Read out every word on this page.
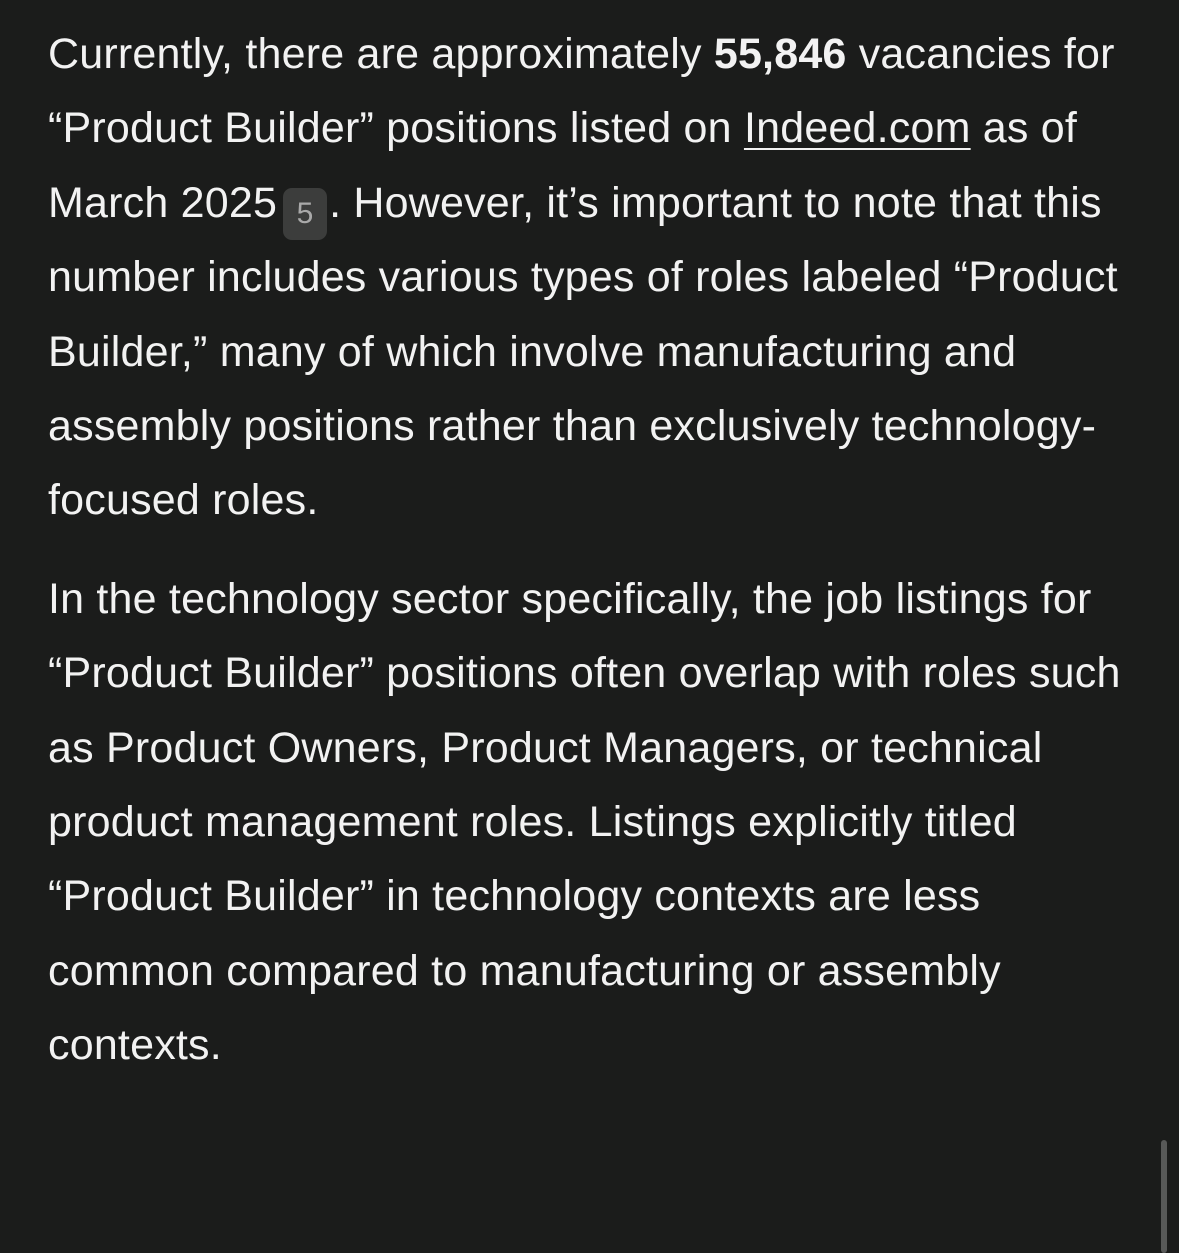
Currently, there are approximately 55,846 vacancies for “Product Builder” positions listed on Indeed.com as of March 2025 5 . However, it’s important to note that this number includes various types of roles labeled “Product Builder,” many of which involve manufacturing and assembly positions rather than exclusively technology-focused roles.

In the technology sector specifically, the job listings for “Product Builder” positions often overlap with roles such as Product Owners, Product Managers, or technical product management roles. Listings explicitly titled “Product Builder” in technology contexts are less common compared to manufacturing or assembly contexts.
